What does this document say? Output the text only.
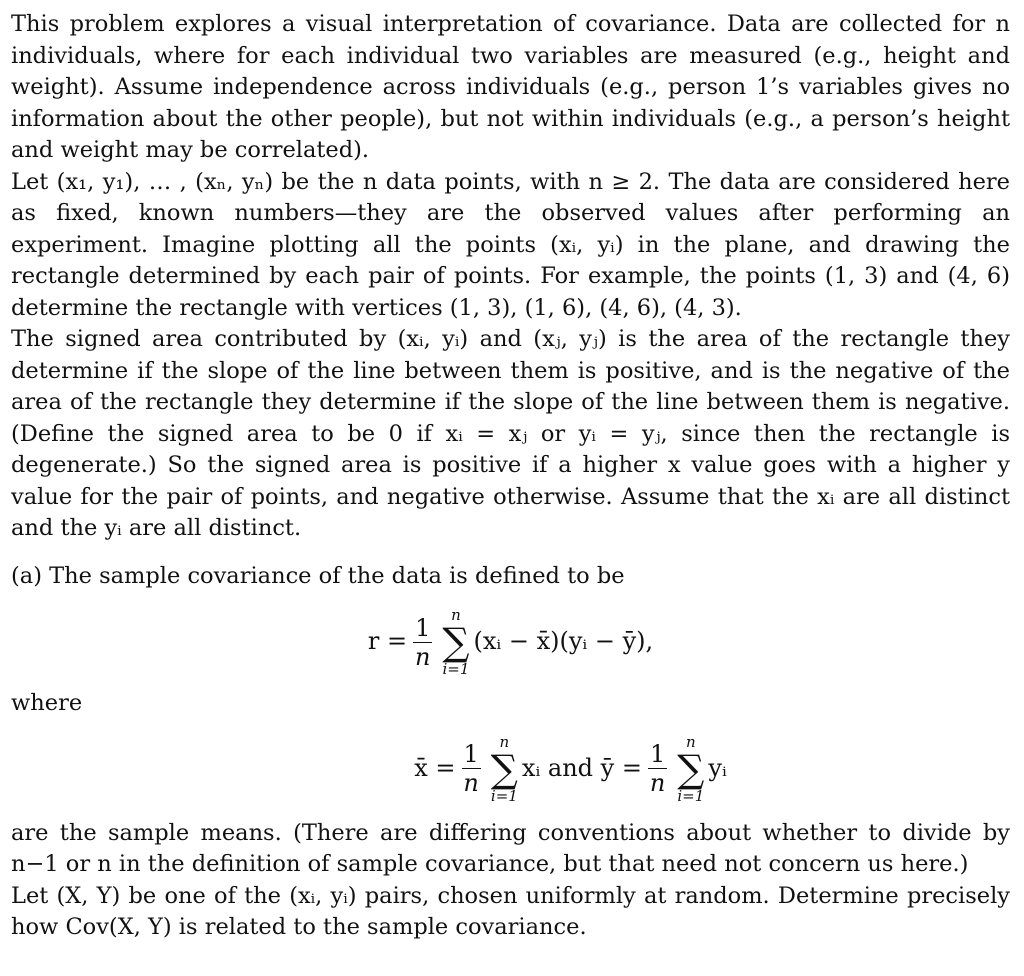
This problem explores a visual interpretation of covariance. Data are collected for n individuals, where for each individual two variables are measured (e.g., height and weight). Assume independence across individuals (e.g., person 1’s variables gives no information about the other people), but not within individuals (e.g., a person’s height and weight may be correlated).

Let (x₁, y₁), … , (xₙ, yₙ) be the n data points, with n ≥ 2. The data are considered here as fixed, known numbers—they are the observed values after performing an experiment. Imagine plotting all the points (xᵢ, yᵢ) in the plane, and drawing the rectangle determined by each pair of points. For example, the points (1, 3) and (4, 6) determine the rectangle with vertices (1, 3), (1, 6), (4, 6), (4, 3).

The signed area contributed by (xᵢ, yᵢ) and (xⱼ, yⱼ) is the area of the rectangle they determine if the slope of the line between them is positive, and is the negative of the area of the rectangle they determine if the slope of the line between them is negative. (Define the signed area to be 0 if xᵢ = xⱼ or yᵢ = yⱼ, since then the rectangle is degenerate.) So the signed area is positive if a higher x value goes with a higher y value for the pair of points, and negative otherwise. Assume that the xᵢ are all distinct and the yᵢ are all distinct.

(a) The sample covariance of the data is defined to be

$r = \frac{1}{n}$ n
∑
i=1
(xᵢ − x̄)(yᵢ − ȳ),

where

x̄ = $\frac{1}{n}$ n
∑
i=1
xᵢ and ȳ = $\frac{1}{n}$ n
∑
i=1
yᵢ

are the sample means. (There are differing conventions about whether to divide by n−1 or n in the definition of sample covariance, but that need not concern us here.)

Let (X, Y) be one of the (xᵢ, yᵢ) pairs, chosen uniformly at random. Determine precisely how Cov(X, Y) is related to the sample covariance.
